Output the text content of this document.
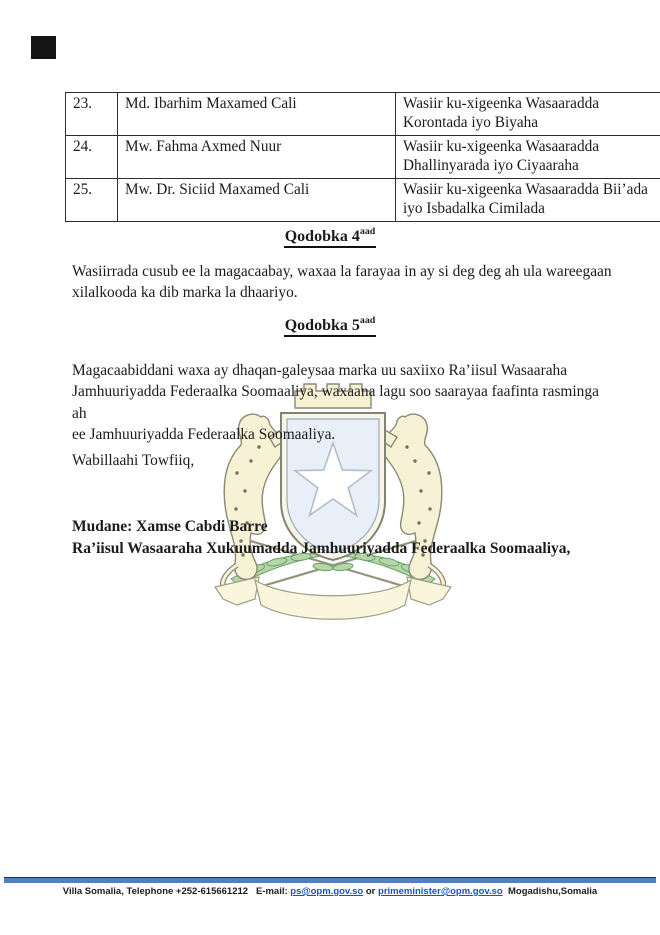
23.	Md. Ibarhim Maxamed Cali	Wasiir ku-xigeenka Wasaaradda Korontada iyo Biyaha
24.	Mw. Fahma Axmed Nuur	Wasiir ku-xigeenka Wasaaradda Dhallinyarada iyo Ciyaaraha
25.	Mw. Dr. Siciid Maxamed Cali	Wasiir ku-xigeenka Wasaaradda Bii’ada iyo Isbadalka Cimilada
Qodobka $4^{aad}$
Wasiirrada cusub ee la magacaabay, waxaa la farayaa in ay si deg deg ah ula wareegaan
xilalkooda ka dib marka la dhaariyo.
Qodobka $5^{aad}$
Magacaabiddani waxa ay dhaqan-galeysaa marka uu saxiixo Ra’iisul Wasaaraha
Jamhuuriyadda Federaalka Soomaaliya, waxaana lagu soo saarayaa faafinta rasminga ah
ee Jamhuuriyadda Federaalka Soomaaliya.
Wabillaahi Towfiiq,
Mudane: Xamse Cabdi Barre
Ra’iisul Wasaaraha Xukuumadda Jamhuuriyadda Federaalka Soomaaliya,
Villa Somalia, Telephone +252-615661212   E-mail: ps@opm.gov.so or primeminister@opm.gov.so  Mogadishu,Somalia
